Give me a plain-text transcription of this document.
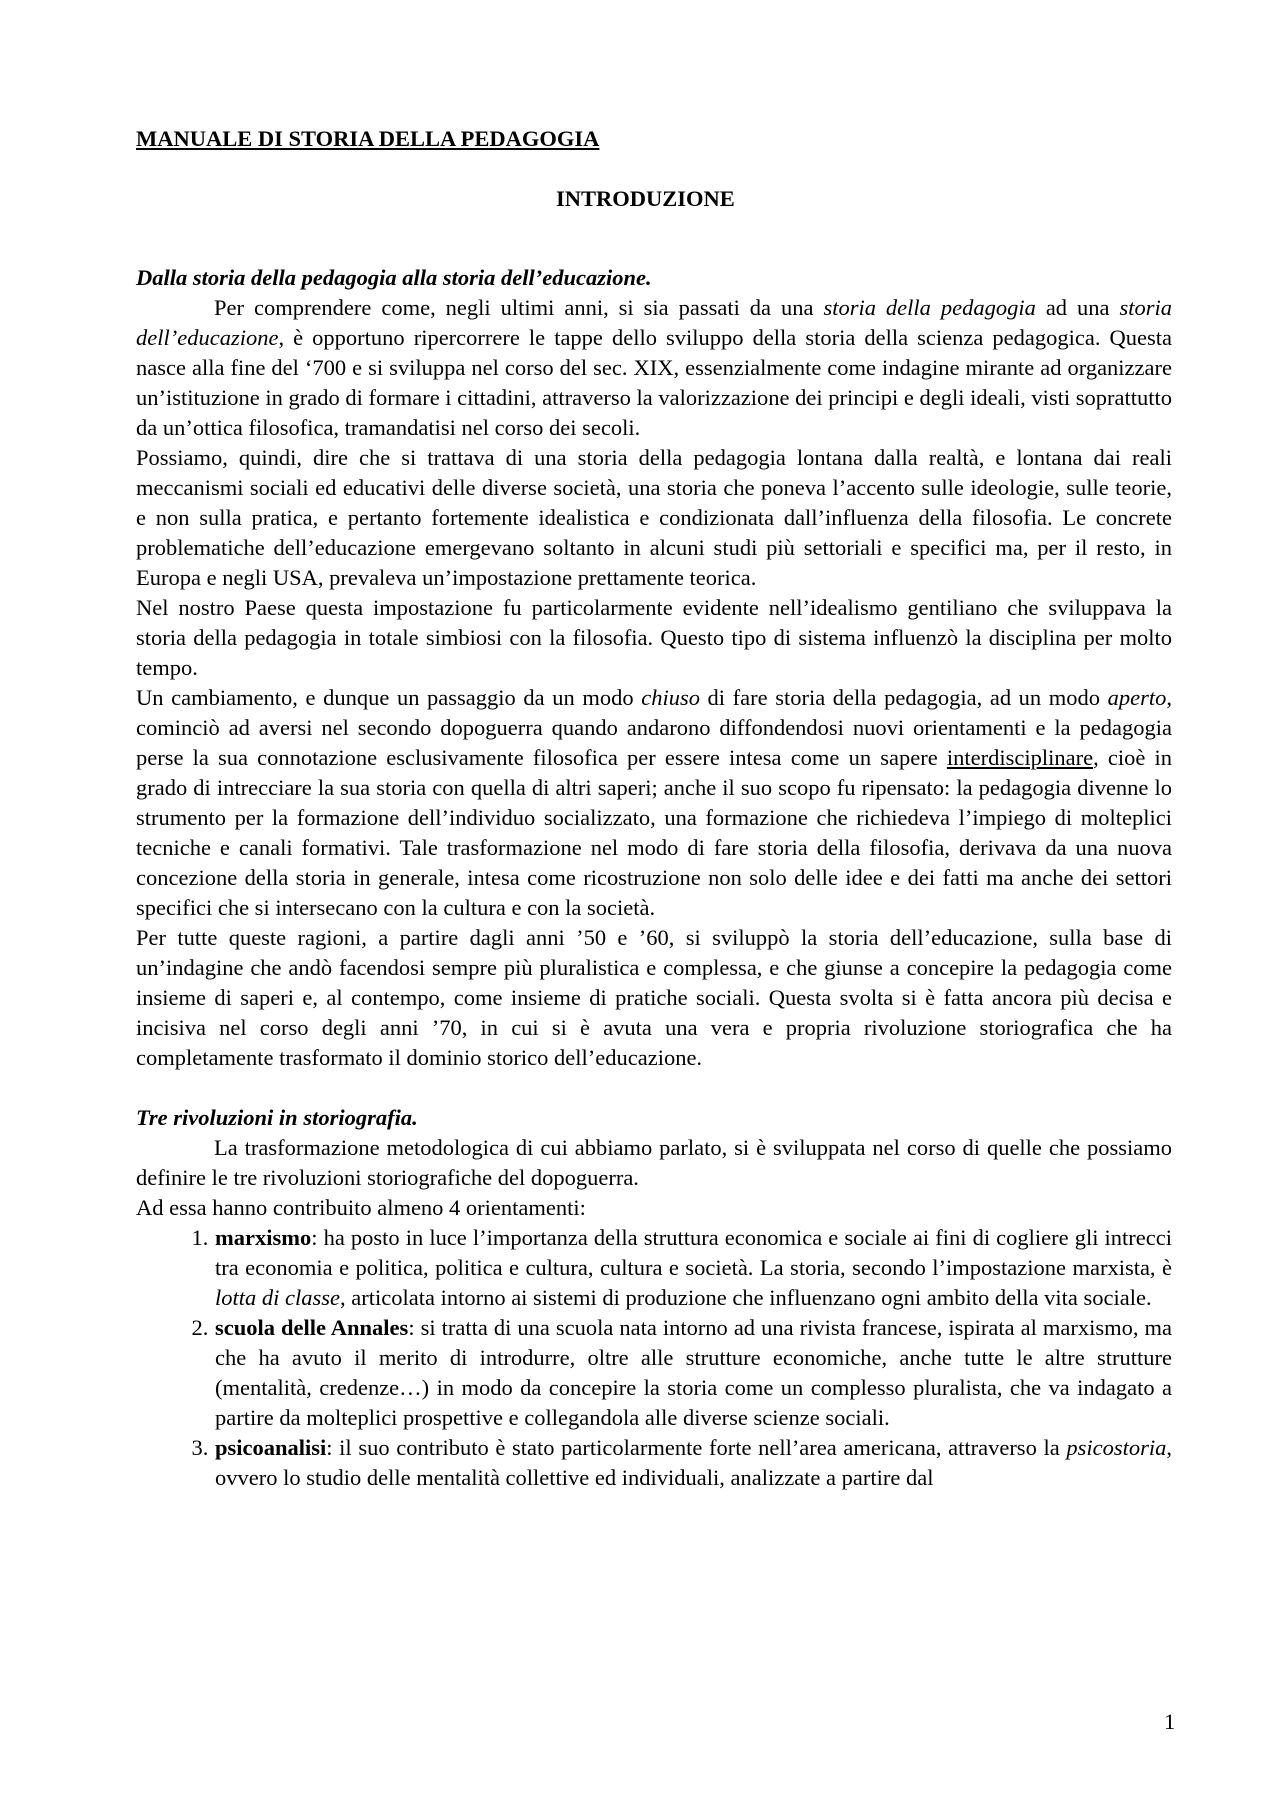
MANUALE DI STORIA DELLA PEDAGOGIA
INTRODUZIONE
Dalla storia della pedagogia alla storia dell’educazione.

Per comprendere come, negli ultimi anni, si sia passati da una storia della pedagogia ad una storia dell’educazione, è opportuno ripercorrere le tappe dello sviluppo della storia della scienza pedagogica. Questa nasce alla fine del ‘700 e si sviluppa nel corso del sec. XIX, essenzialmente come indagine mirante ad organizzare un’istituzione in grado di formare i cittadini, attraverso la valorizzazione dei principi e degli ideali, visti soprattutto da un’ottica filosofica, tramandatisi nel corso dei secoli.

Possiamo, quindi, dire che si trattava di una storia della pedagogia lontana dalla realtà, e lontana dai reali meccanismi sociali ed educativi delle diverse società, una storia che poneva l’accento sulle ideologie, sulle teorie, e non sulla pratica, e pertanto fortemente idealistica e condizionata dall’influenza della filosofia. Le concrete problematiche dell’educazione emergevano soltanto in alcuni studi più settoriali e specifici ma, per il resto, in Europa e negli USA, prevaleva un’impostazione prettamente teorica.

Nel nostro Paese questa impostazione fu particolarmente evidente nell’idealismo gentiliano che sviluppava la storia della pedagogia in totale simbiosi con la filosofia. Questo tipo di sistema influenzò la disciplina per molto tempo.

Un cambiamento, e dunque un passaggio da un modo chiuso di fare storia della pedagogia, ad un modo aperto, cominciò ad aversi nel secondo dopoguerra quando andarono diffondendosi nuovi orientamenti e la pedagogia perse la sua connotazione esclusivamente filosofica per essere intesa come un sapere interdisciplinare, cioè in grado di intrecciare la sua storia con quella di altri saperi; anche il suo scopo fu ripensato: la pedagogia divenne lo strumento per la formazione dell’individuo socializzato, una formazione che richiedeva l’impiego di molteplici tecniche e canali formativi. Tale trasformazione nel modo di fare storia della filosofia, derivava da una nuova concezione della storia in generale, intesa come ricostruzione non solo delle idee e dei fatti ma anche dei settori specifici che si intersecano con la cultura e con la società.

Per tutte queste ragioni, a partire dagli anni ’50 e ’60, si sviluppò la storia dell’educazione, sulla base di un’indagine che andò facendosi sempre più pluralistica e complessa, e che giunse a concepire la pedagogia come insieme di saperi e, al contempo, come insieme di pratiche sociali. Questa svolta si è fatta ancora più decisa e incisiva nel corso degli anni ’70, in cui si è avuta una vera e propria rivoluzione storiografica che ha completamente trasformato il dominio storico dell’educazione.

Tre rivoluzioni in storiografia.

La trasformazione metodologica di cui abbiamo parlato, si è sviluppata nel corso di quelle che possiamo definire le tre rivoluzioni storiografiche del dopoguerra.

Ad essa hanno contribuito almeno 4 orientamenti:

1. marxismo: ha posto in luce l’importanza della struttura economica e sociale ai fini di cogliere gli intrecci tra economia e politica, politica e cultura, cultura e società. La storia, secondo l’impostazione marxista, è lotta di classe, articolata intorno ai sistemi di produzione che influenzano ogni ambito della vita sociale.
2. scuola delle Annales: si tratta di una scuola nata intorno ad una rivista francese, ispirata al marxismo, ma che ha avuto il merito di introdurre, oltre alle strutture economiche, anche tutte le altre strutture (mentalità, credenze…) in modo da concepire la storia come un complesso pluralista, che va indagato a partire da molteplici prospettive e collegandola alle diverse scienze sociali.
3. psicoanalisi: il suo contributo è stato particolarmente forte nell’area americana, attraverso la psicostoria, ovvero lo studio delle mentalità collettive ed individuali, analizzate a partire dal
1
